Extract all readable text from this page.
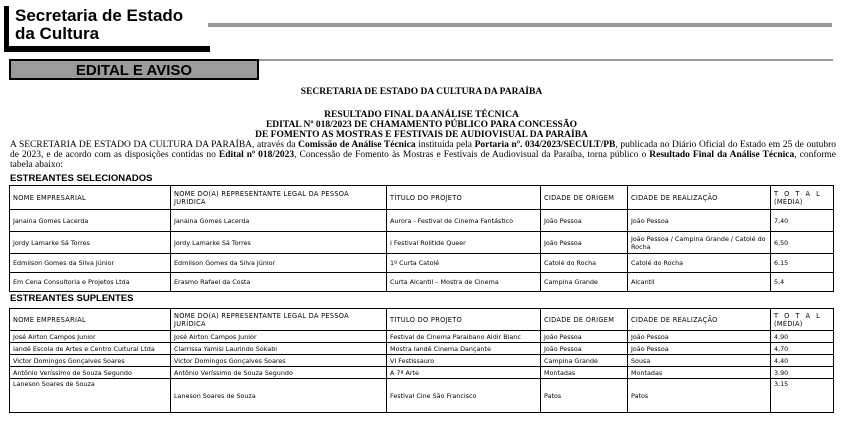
Secretaria de Estado
da Cultura
EDITAL E AVISO
SECRETARIA DE ESTADO DA CULTURA DA PARAÍBA
RESULTADO FINAL DA ANÁLISE TÉCNICA
EDITAL Nº 018/2023 DE CHAMAMENTO PÚBLICO PARA CONCESSÃO
DE FOMENTO AS MOSTRAS E FESTIVAIS DE AUDIOVISUAL DA PARAÍBA
A SECRETARIA DE ESTADO DA CULTURA DA PARAÍBA, através da Comissão de Análise Técnica instituída pela Portaria nº. 034/2023/SECULT/PB, publicada no Diário Oficial do Estado em 25 de outubro de 2023, e de acordo com as disposições contidas no Edital nº 018/2023, Concessão de Fomento às Mostras e Festivais de Audiovisual da Paraíba, torna público o Resultado Final da Análise Técnica, conforme tabela abaixo:
ESTREANTES SELECIONADOS
NOME EMPRESARIAL	NOME DO(A) REPRESENTANTE LEGAL DA PESSOA JURÍDICA	TÍTULO DO PROJETO	CIDADE DE ORIGEM	CIDADE DE REALIZAÇÃO	T O T A L
(MÉDIA)

Janaina Gomes Lacerda	Janaina Gomes Lacerda	Aurora - Festival de Cinema Fantástico	João Pessoa	João Pessoa	7,40
Jordy Lamarke Sá Torres	Jordy Lamarke Sá Torres	I Festival Rolitide Queer	João Pessoa	João Pessoa / Campina Grande / Catolé do Rocha	6,50
Edmilson Gomes da Silva Júnior	Edmilson Gomes da Silva Júnior	1º Curta Catolé	Catolé do Rocha	Catolé do Rocha	6,15
Em Cena Consultoria e Projetos Ltda	Erasmo Rafael da Costa	Curta Alcantil – Mostra de Cinema	Campina Grande	Alcantil	5,4
ESTREANTES SUPLENTES
NOME EMPRESARIAL	NOME DO(A) REPRESENTANTE LEGAL DA PESSOA JURÍDICA	TITULO DO PROJETO	CIDADE DE ORIGEM	CIDADE DE REALIZAÇÃO	T O T A L
(MÉDIA)

José Airton Campos Junior	José Airton Campos Junior	Festival de Cinema Paraibano Aldir Blanc	João Pessoa	João Pessoa	4,90
Iandê Escola de Artes e Centro Cultural Ltda	Clarrissa Yamisi Laurindo Sokabi	Mostra Iandê Cinema Dançante	João Pessoa	João Pessoa	4,70
Victor Domingos Gonçalves Soares	Victor Domingos Gonçalves Soares	VI Festissauro	Campina Grande	Sousa	4,40
Antônio Veríssimo de Souza Segundo	Antônio Veríssimo de Souza Segundo	A 7ª Arte	Montadas	Montadas	3,90
Laneson Soares de Souza	Laneson Soares de Souza	Festival Cine São Francisco	Patos	Patos	3,15
